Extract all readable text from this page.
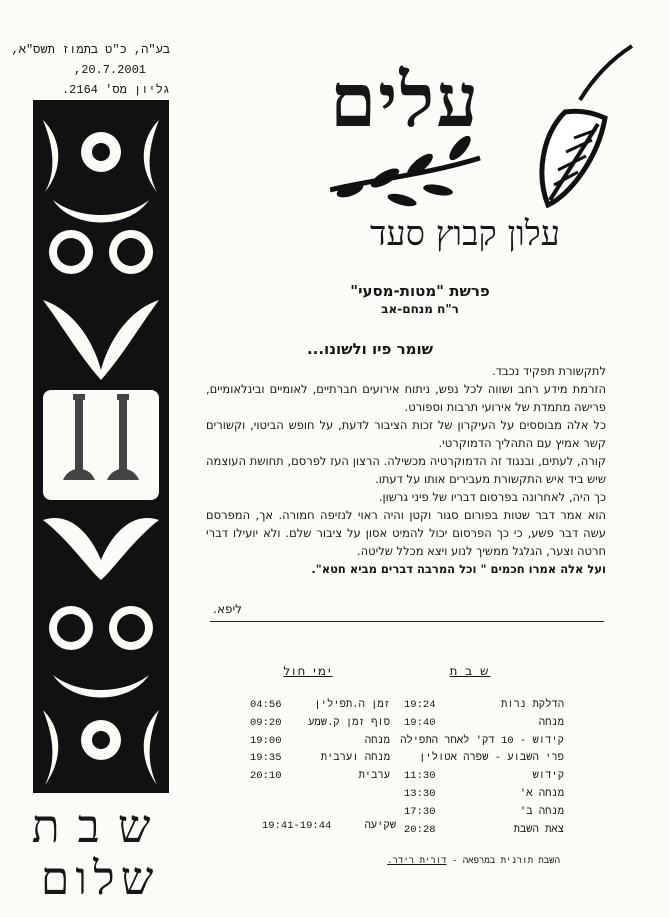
בע"ה, כ"ט בתמוז תשס"א,
20.7.2001,
גליון מס' 2164. עלים
עלון קבוץ סעד
פרשת "מטות-מסעי"
ר"ח מנחם-אב
שומר פיו ולשונו...

לתקשורת תפקיד נכבד.

הזרמת מידע רחב ושווה לכל נפש, ניתוח אירועים חברתיים, לאומיים ובינלאומיים, פרישה מתמדת של אירועי תרבות וספורט.

כל אלה מבוססים על העיקרון של זכות הציבור לדעת, על חופש הביטוי, וקשורים קשר אמיץ עם התהליך הדמוקרטי.

קורה, לעתים, ובנגוד זה הדמוקרטיה מכשילה. הרצון העז לפרסם, תחושת העוצמה שיש ביד איש התקשורת מעבירים אותו על דעתו.

כך היה, לאחרונה בפרסום דבריו של פיני גרשון.

הוא אמר דבר שטות בפורום סגור וקטן והיה ראוי לנזיפה חמורה. אך, המפרסם עשה דבר פשע, כי כך הפרסום יכול להמיט אסון על ציבור שלם. ולא יועילו דברי חרטה וצער, הגלגל ממשיך לנוע ויצא מכלל שליטה.

ועל אלה אמרו חכמים " וכל המרבה דברים מביא חטא".

ליפא.
ש ב ת
הדלקת נרות
19:24
מנחה
19:40
קידוש - 10 דק' לאחר התפילה
פרי השבוע - שפרה אטולין
קידוש
11:30
מנחה א'
13:30
מנחה ב'
17:30
צאת השבת
20:28
ימי חול
זמן ה.תפילין
04:56
סוף זמן ק.שמע
09:20
מנחה
19:00
מנחה וערבית
19:35
ערבית
20:10
שקיעה
19:41-19:44
השבת תורנית במרפאה - דורית רידר.
שבת
שלום
